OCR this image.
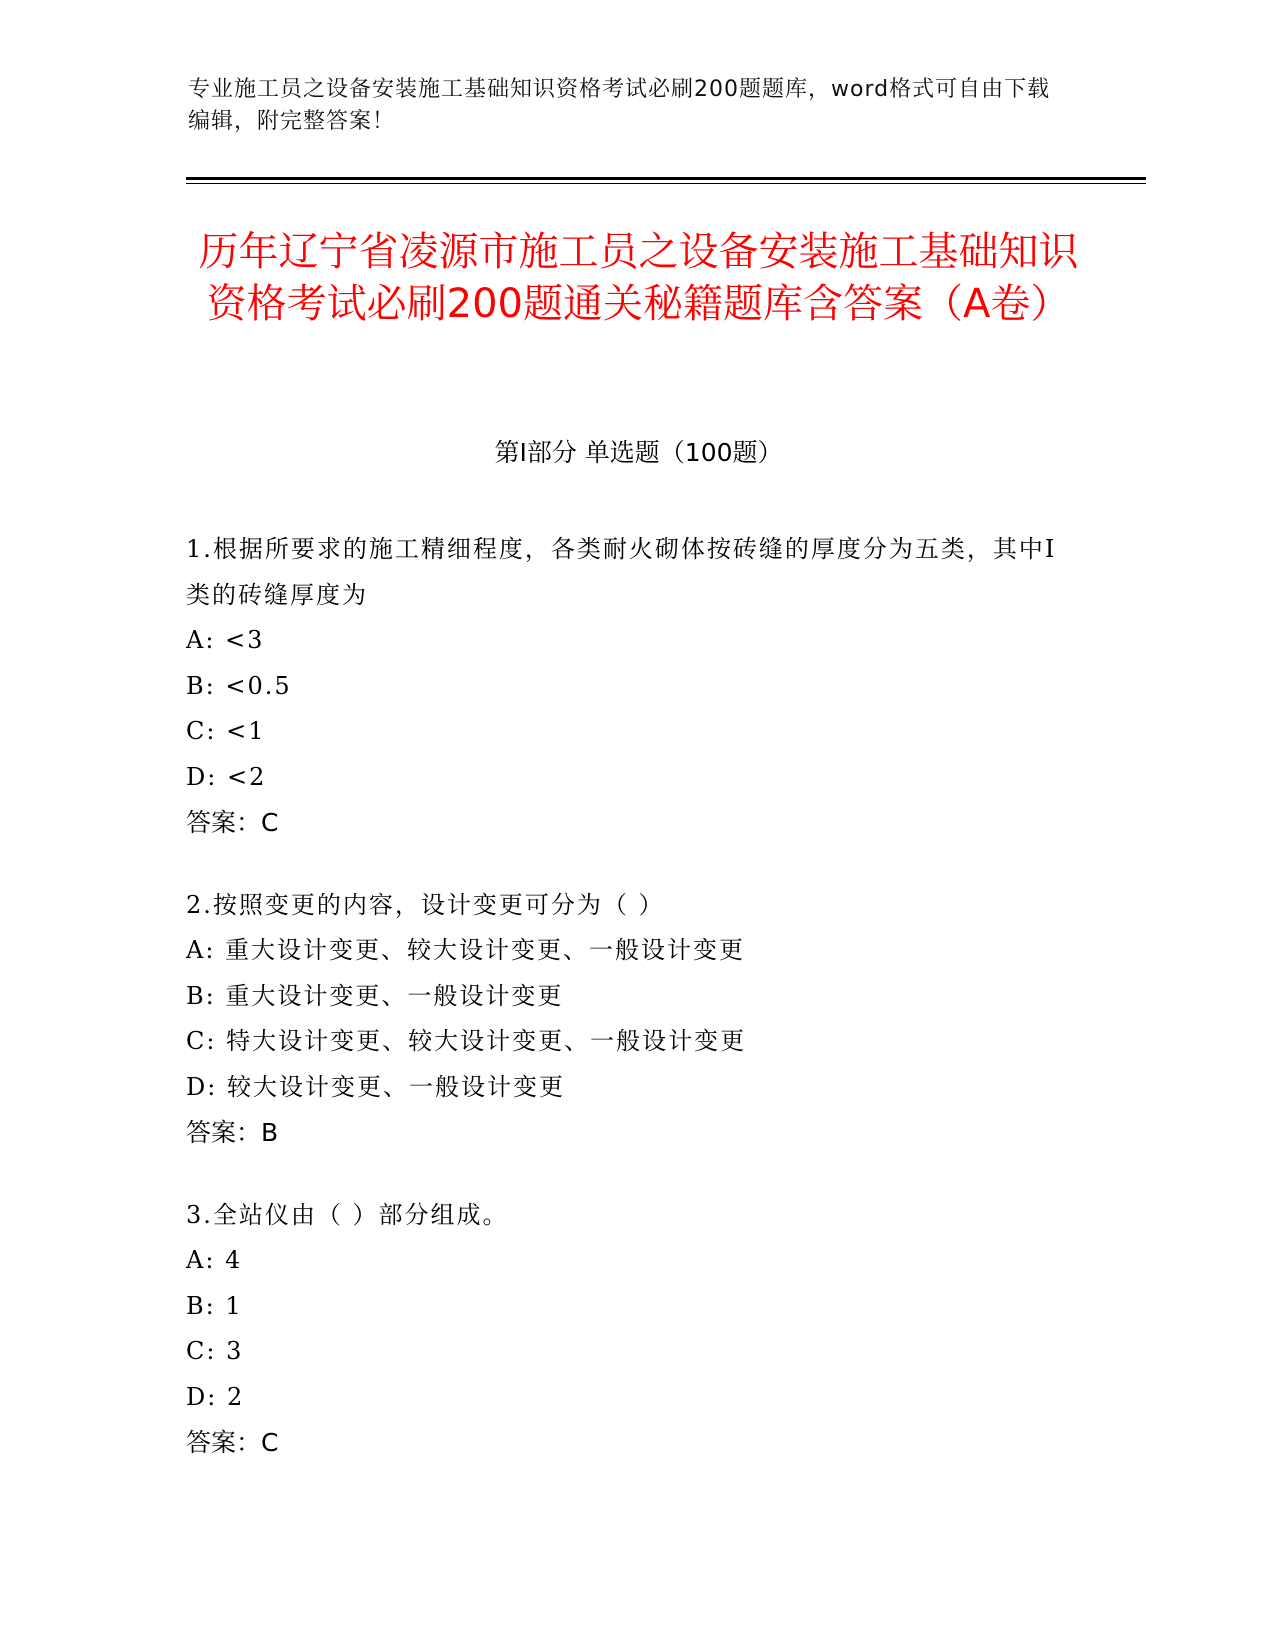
专业施工员之设备安装施工基础知识资格考试必刷200题题库，word格式可自由下载编辑，附完整答案！
历年辽宁省凌源市施工员之设备安装施工基础知识资格考试必刷200题通关秘籍题库含答案（A卷）
第Ⅰ部分 单选题（100题）
1.根据所要求的施工精细程度，各类耐火砌体按砖缝的厚度分为五类，其中Ⅰ类的砖缝厚度为
A: <3
B: <0.5
C: <1
D: <2
答案：C
2.按照变更的内容，设计变更可分为（ ）
A: 重大设计变更、较大设计变更、一般设计变更
B: 重大设计变更、一般设计变更
C: 特大设计变更、较大设计变更、一般设计变更
D: 较大设计变更、一般设计变更
答案：B
3.全站仪由（ ）部分组成。
A: 4
B: 1
C: 3
D: 2
答案：C
